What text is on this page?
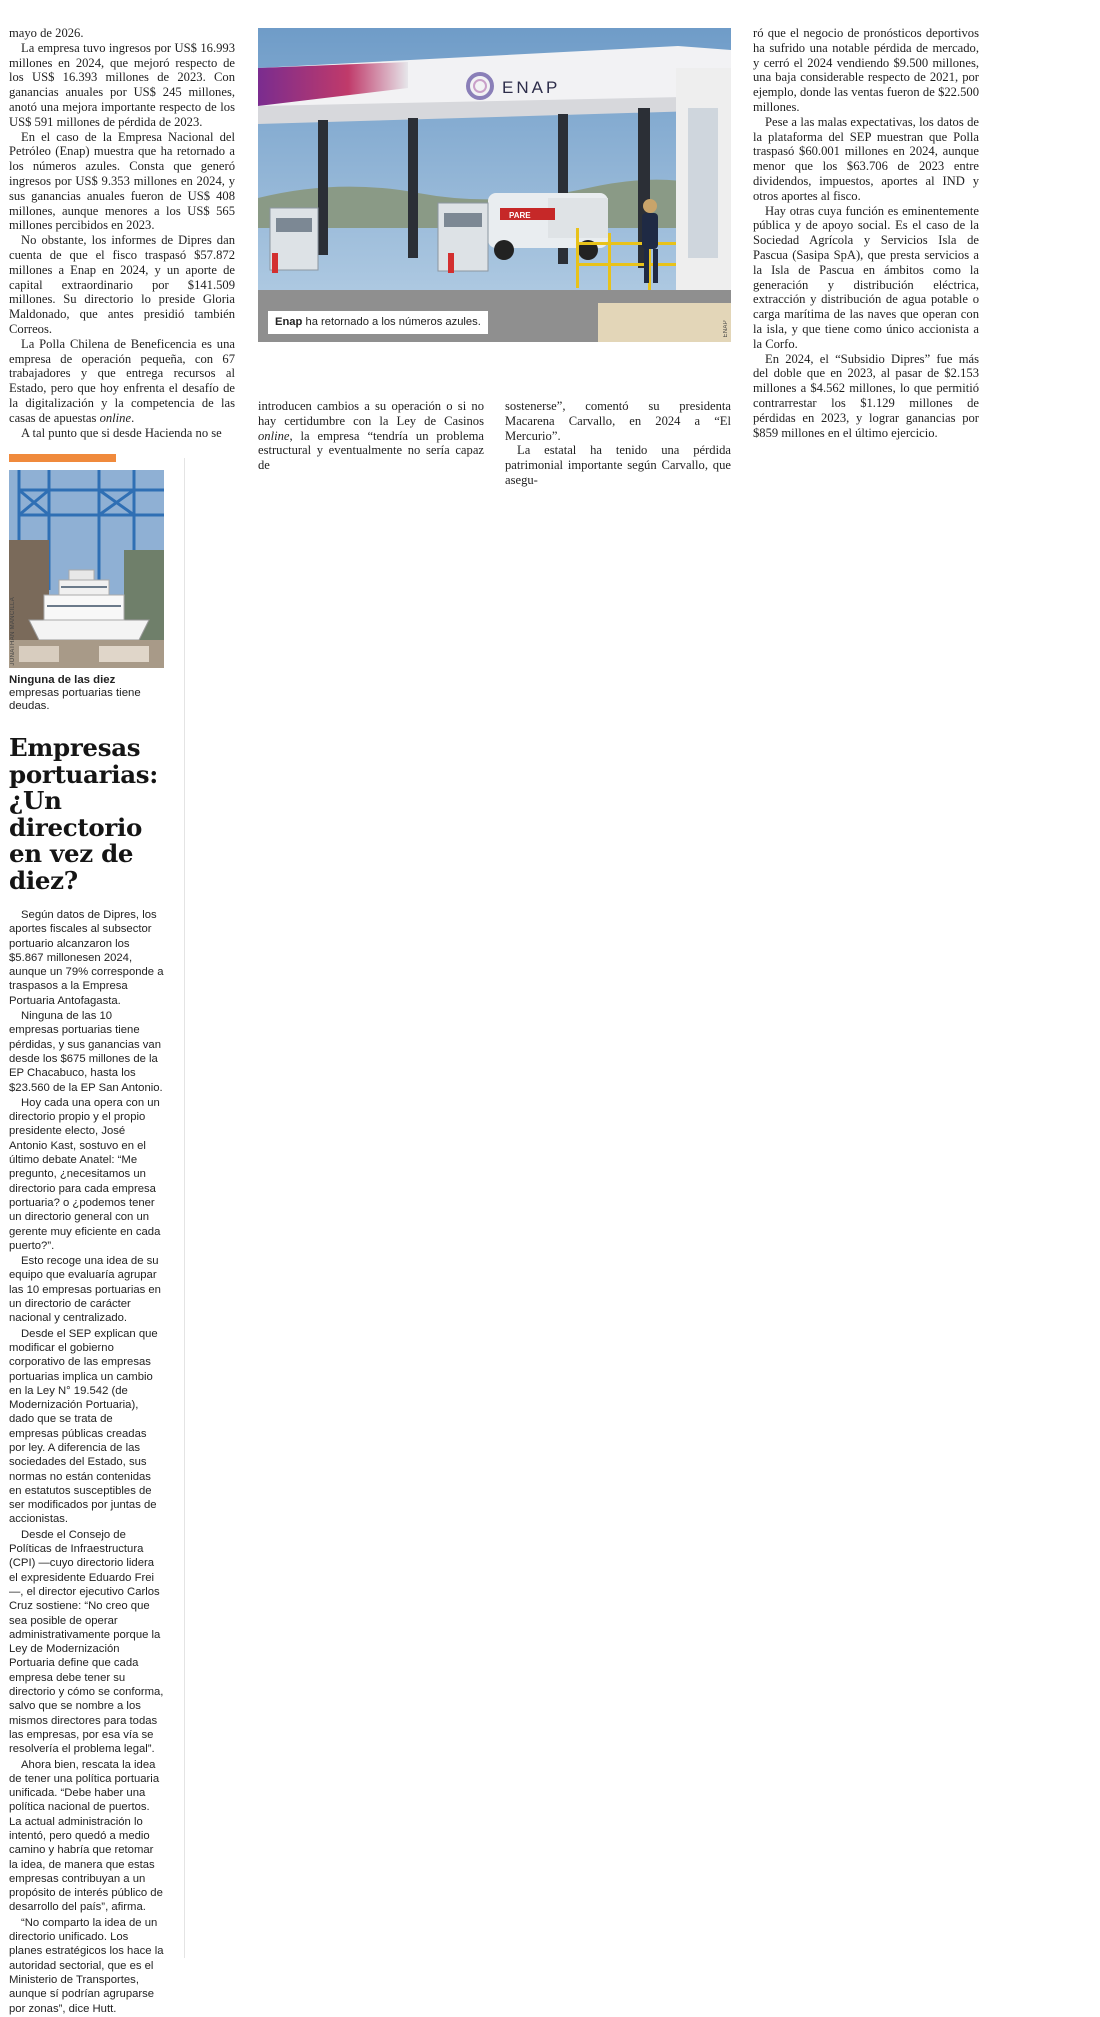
mayo de 2026.

La empresa tuvo ingresos por US$ 16.993 millones en 2024, que mejoró respecto de los US$ 16.393 millones de 2023. Con ganancias anuales por US$ 245 millones, anotó una mejora importante respecto de los US$ 591 millones de pérdida de 2023.

En el caso de la Empresa Nacional del Petróleo (Enap) muestra que ha retornado a los números azules. Consta que generó ingresos por US$ 9.353 millones en 2024, y sus ganancias anuales fueron de US$ 408 millones, aunque menores a los US$ 565 millones percibidos en 2023.

No obstante, los informes de Dipres dan cuenta de que el fisco traspasó $57.872 millones a Enap en 2024, y un aporte de capital extraordinario por $141.509 millones. Su directorio lo preside Gloria Maldonado, que antes presidió también Correos.

La Polla Chilena de Beneficencia es una empresa de operación pequeña, con 67 trabajadores y que entrega recursos al Estado, pero que hoy enfrenta el desafío de la digitalización y la competencia de las casas de apuestas online.

A tal punto que si desde Hacienda no se

ENAP
PARE
Enap ha retornado a los números azules.	ENAP

ró que el negocio de pronósticos deportivos ha sufrido una notable pérdida de mercado, y cerró el 2024 vendiendo $9.500 millones, una baja considerable respecto de 2021, por ejemplo, donde las ventas fueron de $22.500 millones.

Pese a las malas expectativas, los datos de la plataforma del SEP muestran que Polla traspasó $60.001 millones en 2024, aunque menor que los $63.706 de 2023 entre dividendos, impuestos, aportes al IND y otros aportes al fisco.

Hay otras cuya función es eminentemente pública y de apoyo social. Es el caso de la Sociedad Agrícola y Servicios Isla de Pascua (Sasipa SpA), que presta servicios a la Isla de Pascua en ámbitos como la generación y distribución eléctrica, extracción y distribución de agua potable o carga marítima de las naves que operan con la isla, y que tiene como único accionista a la Corfo.

En 2024, el “Subsidio Dipres” fue más del doble que en 2023, al pasar de $2.153 millones a $4.562 millones, lo que permitió contrarrestar los $1.129 millones de pérdidas en 2023, y lograr ganancias por $859 millones en el último ejercicio.

introducen cambios a su operación o si no hay certidumbre con la Ley de Casinos online, la empresa “tendría un problema estructural y eventualmente no sería capaz de

sostenerse”, comentó su presidenta Macarena Carvallo, en 2024 a “El Mercurio”.

La estatal ha tenido una pérdida patrimonial importante según Carvallo, que asegu-

JONATHAN MANCILLA
Ninguna de las diez empresas portuarias tiene deudas.
Empresas portuarias: ¿Un directorio en vez de diez?

Según datos de Dipres, los aportes fiscales al subsector portuario alcanzaron los $5.867 millonesen 2024, aunque un 79% corresponde a traspasos a la Empresa Portuaria Antofagasta.

Ninguna de las 10 empresas portuarias tiene pérdidas, y sus ganancias van desde los $675 millones de la EP Chacabuco, hasta los $23.560 de la EP San Antonio.

Hoy cada una opera con un directorio propio y el propio presidente electo, José Antonio Kast, sostuvo en el último debate Anatel: “Me pregunto, ¿necesitamos un directorio para cada empresa portuaria? o ¿podemos tener un directorio general con un gerente muy eficiente en cada puerto?”.

Esto recoge una idea de su equipo que evaluaría agrupar las 10 empresas portuarias en un directorio de carácter nacional y centralizado.

Desde el SEP explican que modificar el gobierno corporativo de las empresas portuarias implica un cambio en la Ley N° 19.542 (de Modernización Portuaria), dado que se trata de empresas públicas creadas por ley. A diferencia de las sociedades del Estado, sus normas no están contenidas en estatutos susceptibles de ser modificados por juntas de accionistas.

Desde el Consejo de Políticas de Infraestructura (CPI) —cuyo directorio lidera el expresidente Eduardo Frei—, el director ejecutivo Carlos Cruz sostiene: “No creo que sea posible de operar administrativamente porque la Ley de Modernización Portuaria define que cada empresa debe tener su directorio y cómo se conforma, salvo que se nombre a los mismos directores para todas las empresas, por esa vía se resolvería el problema legal”.

Ahora bien, rescata la idea de tener una política portuaria unificada. “Debe haber una política nacional de puertos. La actual administración lo intentó, pero quedó a medio camino y habría que retomar la idea, de manera que estas empresas contribuyan a un propósito de interés público de desarrollo del país”, afirma.

“No comparto la idea de un directorio unificado. Los planes estratégicos los hace la autoridad sectorial, que es el Ministerio de Transportes, aunque sí podrían agruparse por zonas”, dice Hutt.
